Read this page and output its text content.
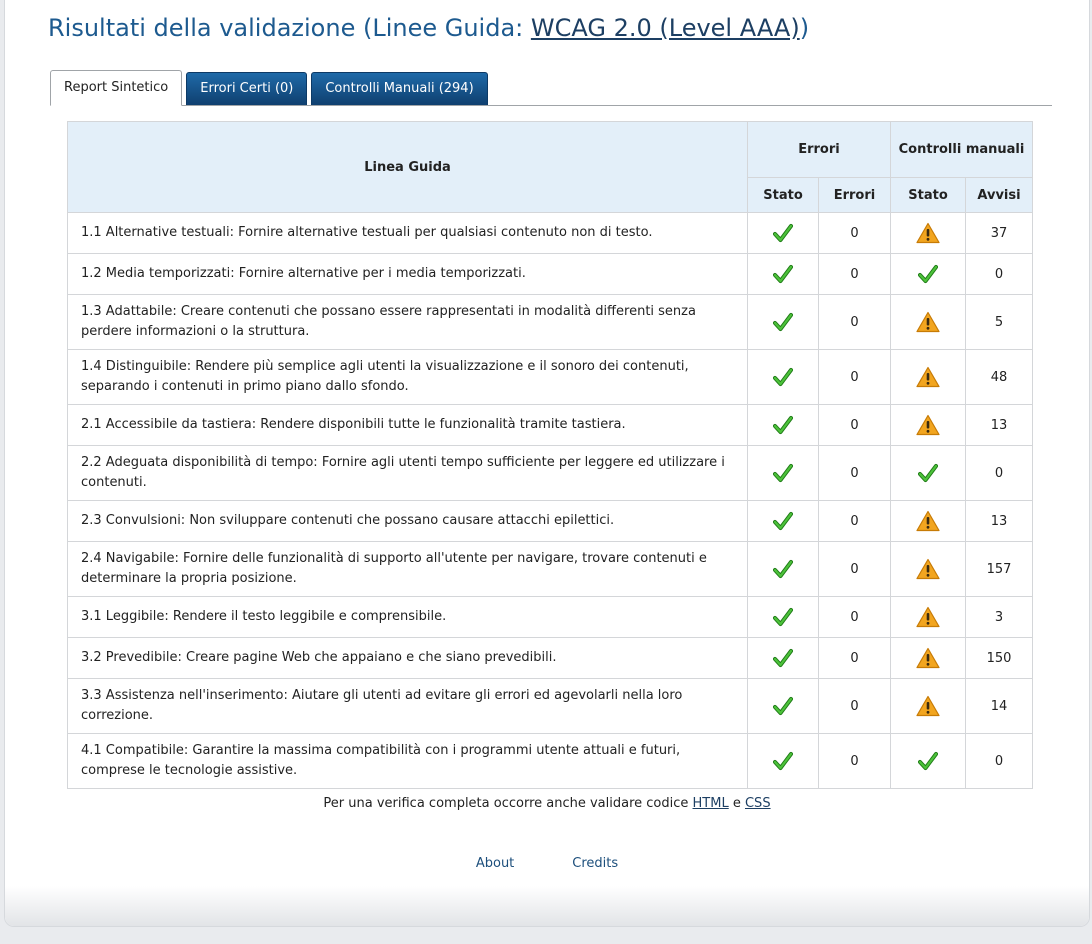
Risultati della validazione (Linee Guida: WCAG 2.0 (Level AAA))
Report Sintetico	Errori Certi (0)	Controlli Manuali (294)
Linea Guida	Errori		Controlli manuali	
	Stato	Errori	Stato	Avvisi
1.1 Alternative testuali: Fornire alternative testuali per qualsiasi contenuto non di testo.		0		37
1.2 Media temporizzati: Fornire alternative per i media temporizzati.		0		0
1.3 Adattabile: Creare contenuti che possano essere rappresentati in modalità differenti senza perdere informazioni o la struttura.		0		5
1.4 Distinguibile: Rendere più semplice agli utenti la visualizzazione e il sonoro dei contenuti, separando i contenuti in primo piano dallo sfondo.		0		48
2.1 Accessibile da tastiera: Rendere disponibili tutte le funzionalità tramite tastiera.		0		13
2.2 Adeguata disponibilità di tempo: Fornire agli utenti tempo sufficiente per leggere ed utilizzare i contenuti.		0		0
2.3 Convulsioni: Non sviluppare contenuti che possano causare attacchi epilettici.		0		13
2.4 Navigabile: Fornire delle funzionalità di supporto all'utente per navigare, trovare contenuti e determinare la propria posizione.		0		157
3.1 Leggibile: Rendere il testo leggibile e comprensibile.		0		3
3.2 Prevedibile: Creare pagine Web che appaiano e che siano prevedibili.		0		150
3.3 Assistenza nell'inserimento: Aiutare gli utenti ad evitare gli errori ed agevolarli nella loro correzione.		0		14
4.1 Compatibile: Garantire la massima compatibilità con i programmi utente attuali e futuri, comprese le tecnologie assistive.		0		0
Per una verifica completa occorre anche validare codice HTML e CSS
About	Credits
